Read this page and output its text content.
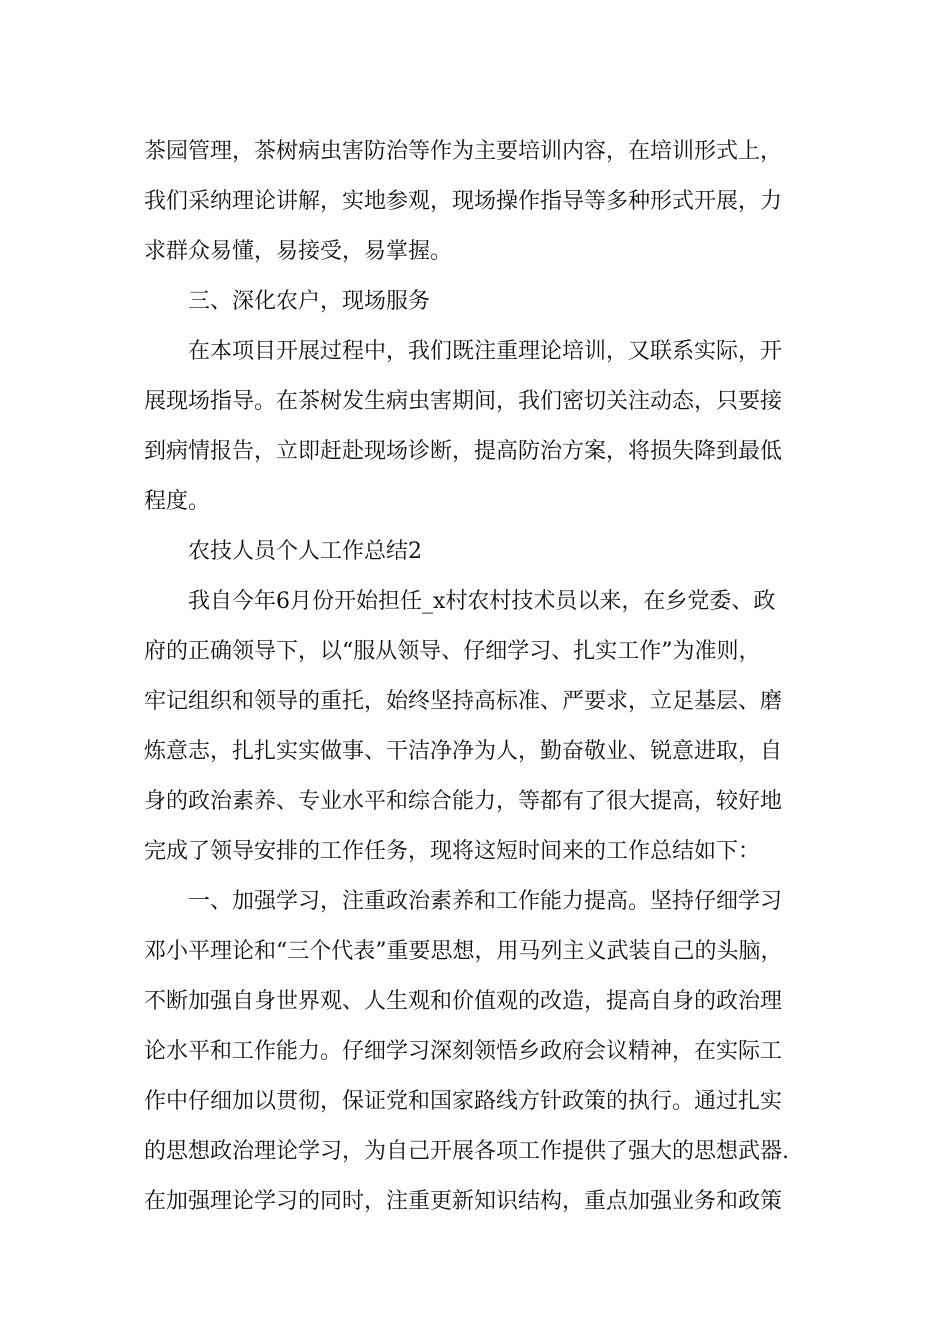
茶园管理，茶树病虫害防治等作为主要培训内容，在培训形式上，
我们采纳理论讲解，实地参观，现场操作指导等多种形式开展，力
求群众易懂，易接受，易掌握。
三、深化农户，现场服务
在本项目开展过程中，我们既注重理论培训，又联系实际，开
展现场指导。在茶树发生病虫害期间，我们密切关注动态，只要接
到病情报告，立即赶赴现场诊断，提高防治方案，将损失降到最低
程度。
农技人员个人工作总结2
我自今年6月份开始担任_x村农村技术员以来，在乡党委、政
府的正确领导下，以“服从领导、仔细学习、扎实工作”为准则，
牢记组织和领导的重托，始终坚持高标准、严要求，立足基层、磨
炼意志，扎扎实实做事、干洁净净为人，勤奋敬业、锐意进取，自
身的政治素养、专业水平和综合能力，等都有了很大提高，较好地
完成了领导安排的工作任务，现将这短时间来的工作总结如下：
一、加强学习，注重政治素养和工作能力提高。坚持仔细学习
邓小平理论和“三个代表”重要思想，用马列主义武装自己的头脑，
不断加强自身世界观、人生观和价值观的改造，提高自身的政治理
论水平和工作能力。仔细学习深刻领悟乡政府会议精神，在实际工
作中仔细加以贯彻，保证党和国家路线方针政策的执行。通过扎实
的思想政治理论学习，为自己开展各项工作提供了强大的思想武器.
在加强理论学习的同时，注重更新知识结构，重点加强业务和政策
